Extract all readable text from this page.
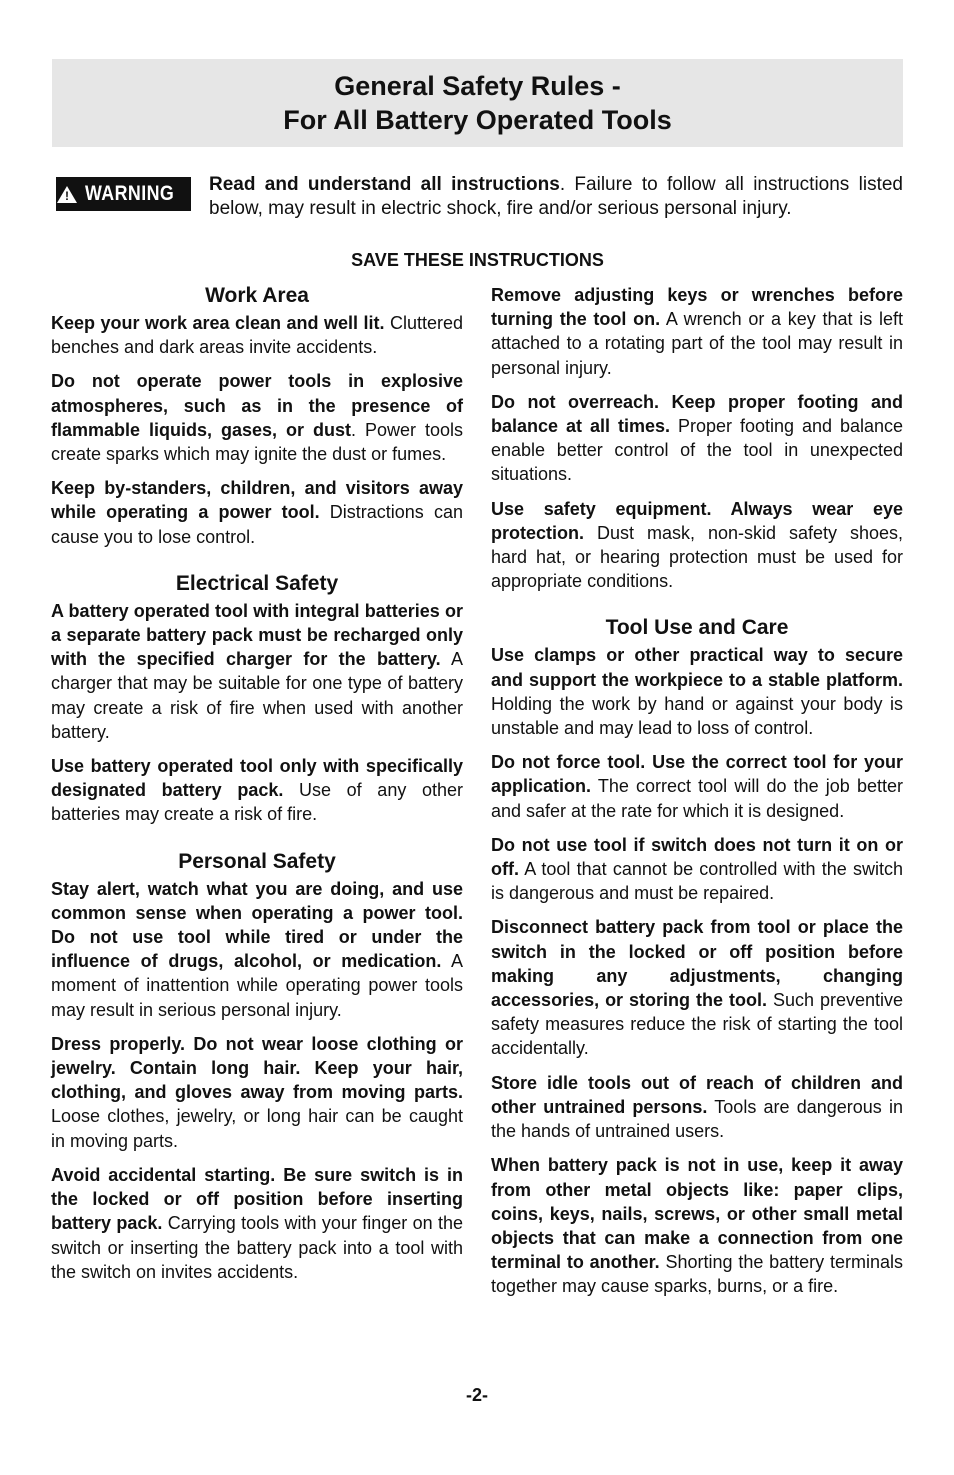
General Safety Rules -
For All Battery Operated Tools
! WARNING Read and understand all instructions. Failure to follow all instructions listed below, may result in electric shock, fire and/or serious personal injury.
SAVE THESE INSTRUCTIONS
Work Area

Keep your work area clean and well lit. Cluttered benches and dark areas invite accidents.

Do not operate power tools in explosive atmospheres, such as in the presence of flammable liquids, gases, or dust. Power tools create sparks which may ignite the dust or fumes.

Keep by-standers, children, and visitors away while operating a power tool. Distractions can cause you to lose control.

Electrical Safety

A battery operated tool with integral batteries or a separate battery pack must be recharged only with the specified charger for the battery. A charger that may be suitable for one type of battery may create a risk of fire when used with another battery.

Use battery operated tool only with specifically designated battery pack. Use of any other batteries may create a risk of fire.

Personal Safety

Stay alert, watch what you are doing, and use common sense when operating a power tool. Do not use tool while tired or under the influence of drugs, alcohol, or medication. A moment of inattention while operating power tools may result in serious personal injury.

Dress properly. Do not wear loose clothing or jewelry. Contain long hair. Keep your hair, clothing, and gloves away from moving parts. Loose clothes, jewelry, or long hair can be caught in moving parts.

Avoid accidental starting. Be sure switch is in the locked or off position before inserting battery pack. Carrying tools with your finger on the switch or inserting the battery pack into a tool with the switch on invites accidents.

Remove adjusting keys or wrenches before turning the tool on. A wrench or a key that is left attached to a rotating part of the tool may result in personal injury.

Do not overreach. Keep proper footing and balance at all times. Proper footing and balance enable better control of the tool in unexpected situations.

Use safety equipment. Always wear eye protection. Dust mask, non-skid safety shoes, hard hat, or hearing protection must be used for appropriate conditions.

Tool Use and Care

Use clamps or other practical way to secure and support the workpiece to a stable platform. Holding the work by hand or against your body is unstable and may lead to loss of control.

Do not force tool. Use the correct tool for your application. The correct tool will do the job better and safer at the rate for which it is designed.

Do not use tool if switch does not turn it on or off. A tool that cannot be controlled with the switch is dangerous and must be repaired.

Disconnect battery pack from tool or place the switch in the locked or off position before making any adjustments, changing accessories, or storing the tool. Such preventive safety measures reduce the risk of starting the tool accidentally.

Store idle tools out of reach of children and other untrained persons. Tools are dangerous in the hands of untrained users.

When battery pack is not in use, keep it away from other metal objects like: paper clips, coins, keys, nails, screws, or other small metal objects that can make a connection from one terminal to another. Shorting the battery terminals together may cause sparks, burns, or a fire.

-2-
